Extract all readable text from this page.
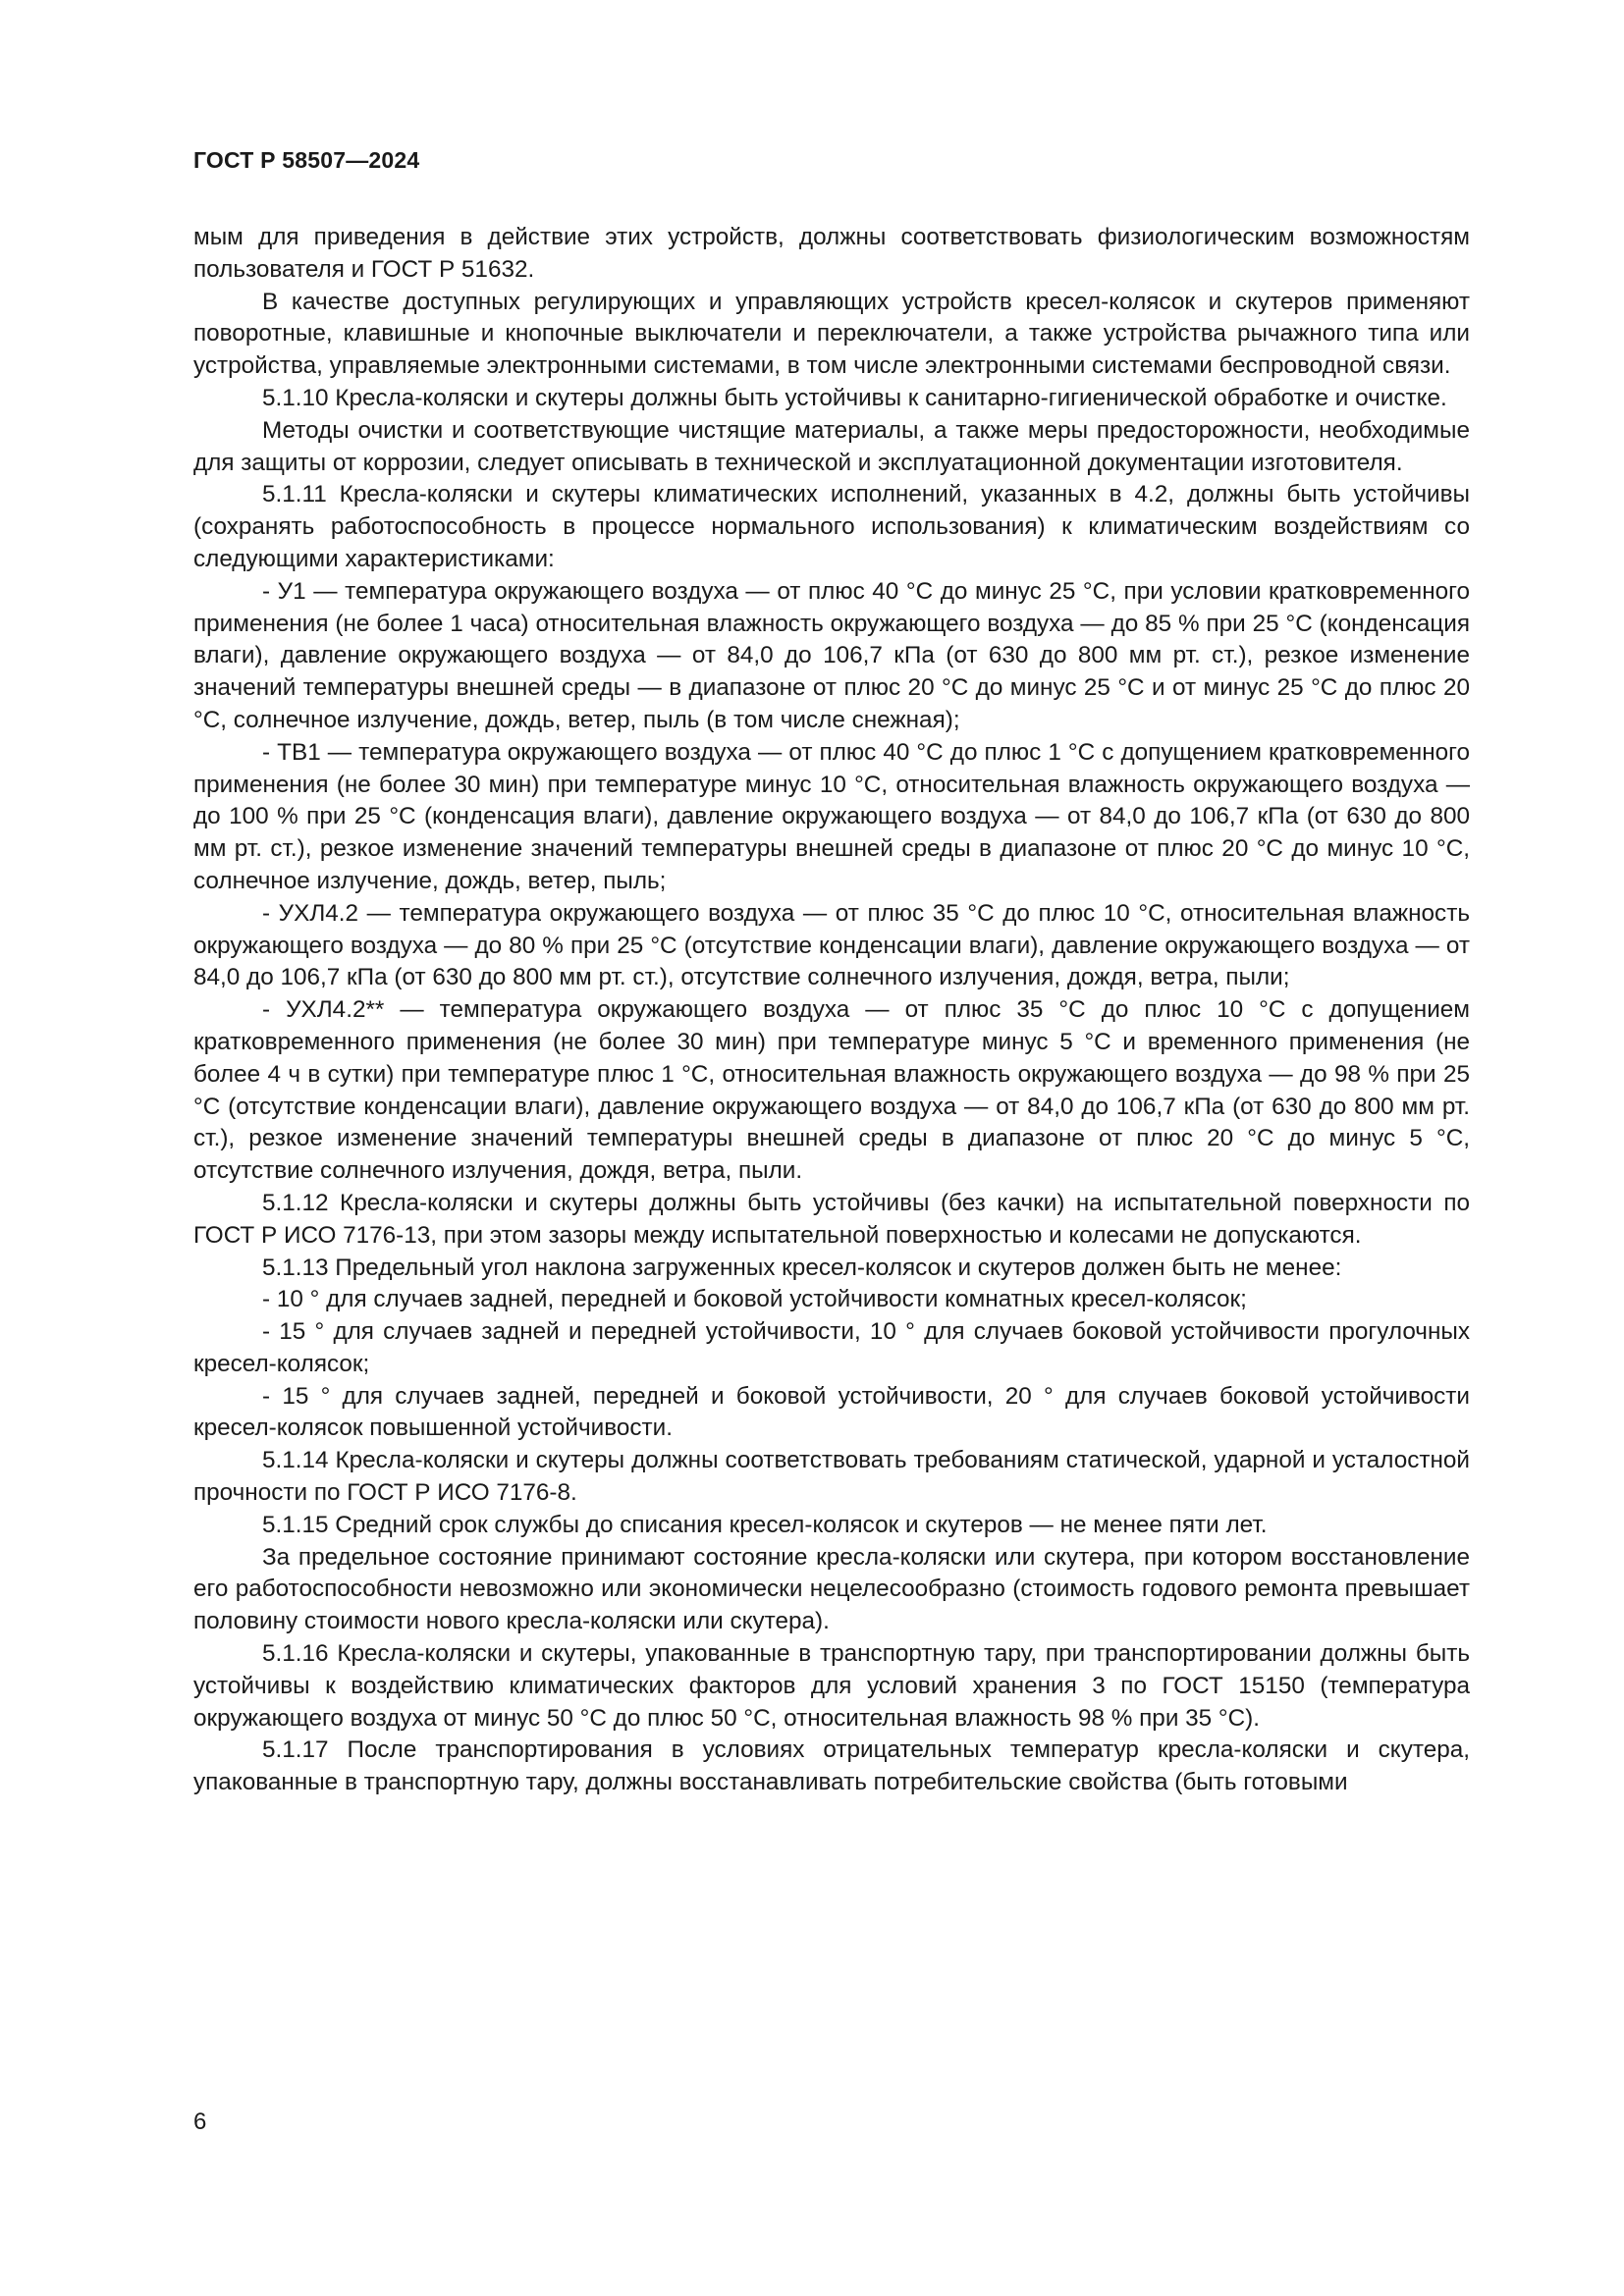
ГОСТ Р 58507—2024

мым для приведения в действие этих устройств, должны соответствовать физиологическим возможностям пользователя и ГОСТ Р 51632.

В качестве доступных регулирующих и управляющих устройств кресел-колясок и скутеров применяют поворотные, клавишные и кнопочные выключатели и переключатели, а также устройства рычажного типа или устройства, управляемые электронными системами, в том числе электронными системами беспроводной связи.

5.1.10 Кресла-коляски и скутеры должны быть устойчивы к санитарно-гигиенической обработке и очистке.

Методы очистки и соответствующие чистящие материалы, а также меры предосторожности, необходимые для защиты от коррозии, следует описывать в технической и эксплуатационной документации изготовителя.

5.1.11 Кресла-коляски и скутеры климатических исполнений, указанных в 4.2, должны быть устойчивы (сохранять работоспособность в процессе нормального использования) к климатическим воздействиям со следующими характеристиками:

- У1 — температура окружающего воздуха — от плюс 40 °С до минус 25 °С, при условии кратковременного применения (не более 1 часа) относительная влажность окружающего воздуха — до 85 % при 25 °С (конденсация влаги), давление окружающего воздуха — от 84,0 до 106,7 кПа (от 630 до 800 мм рт. ст.), резкое изменение значений температуры внешней среды — в диапазоне от плюс 20 °С до минус 25 °С и от минус 25 °С до плюс 20 °С, солнечное излучение, дождь, ветер, пыль (в том числе снежная);

- ТВ1 — температура окружающего воздуха — от плюс 40 °С до плюс 1 °С с допущением кратковременного применения (не более 30 мин) при температуре минус 10 °С, относительная влажность окружающего воздуха — до 100 % при 25 °С (конденсация влаги), давление окружающего воздуха — от 84,0 до 106,7 кПа (от 630 до 800 мм рт. ст.), резкое изменение значений температуры внешней среды в диапазоне от плюс 20 °С до минус 10 °С, солнечное излучение, дождь, ветер, пыль;

- УХЛ4.2 — температура окружающего воздуха — от плюс 35 °С до плюс 10 °С, относительная влажность окружающего воздуха — до 80 % при 25 °С (отсутствие конденсации влаги), давление окружающего воздуха — от 84,0 до 106,7 кПа (от 630 до 800 мм рт. ст.), отсутствие солнечного излучения, дождя, ветра, пыли;

- УХЛ4.2** — температура окружающего воздуха — от плюс 35 °С до плюс 10 °С с допущением кратковременного применения (не более 30 мин) при температуре минус 5 °С и временного применения (не более 4 ч в сутки) при температуре плюс 1 °С, относительная влажность окружающего воздуха — до 98 % при 25 °С (отсутствие конденсации влаги), давление окружающего воздуха — от 84,0 до 106,7 кПа (от 630 до 800 мм рт. ст.), резкое изменение значений температуры внешней среды в диапазоне от плюс 20 °С до минус 5 °С, отсутствие солнечного излучения, дождя, ветра, пыли.

5.1.12 Кресла-коляски и скутеры должны быть устойчивы (без качки) на испытательной поверхности по ГОСТ Р ИСО 7176-13, при этом зазоры между испытательной поверхностью и колесами не допускаются.

5.1.13 Предельный угол наклона загруженных кресел-колясок и скутеров должен быть не менее:

- 10 ° для случаев задней, передней и боковой устойчивости комнатных кресел-колясок;

- 15 ° для случаев задней и передней устойчивости, 10 ° для случаев боковой устойчивости прогулочных кресел-колясок;

- 15 ° для случаев задней, передней и боковой устойчивости, 20 ° для случаев боковой устойчивости кресел-колясок повышенной устойчивости.

5.1.14 Кресла-коляски и скутеры должны соответствовать требованиям статической, ударной и усталостной прочности по ГОСТ Р ИСО 7176-8.

5.1.15 Средний срок службы до списания кресел-колясок и скутеров — не менее пяти лет.

За предельное состояние принимают состояние кресла-коляски или скутера, при котором восстановление его работоспособности невозможно или экономически нецелесообразно (стоимость годового ремонта превышает половину стоимости нового кресла-коляски или скутера).

5.1.16 Кресла-коляски и скутеры, упакованные в транспортную тару, при транспортировании должны быть устойчивы к воздействию климатических факторов для условий хранения 3 по ГОСТ 15150 (температура окружающего воздуха от минус 50 °С до плюс 50 °С, относительная влажность 98 % при 35 °С).

5.1.17 После транспортирования в условиях отрицательных температур кресла-коляски и скутера, упакованные в транспортную тару, должны восстанавливать потребительские свойства (быть готовыми

6
